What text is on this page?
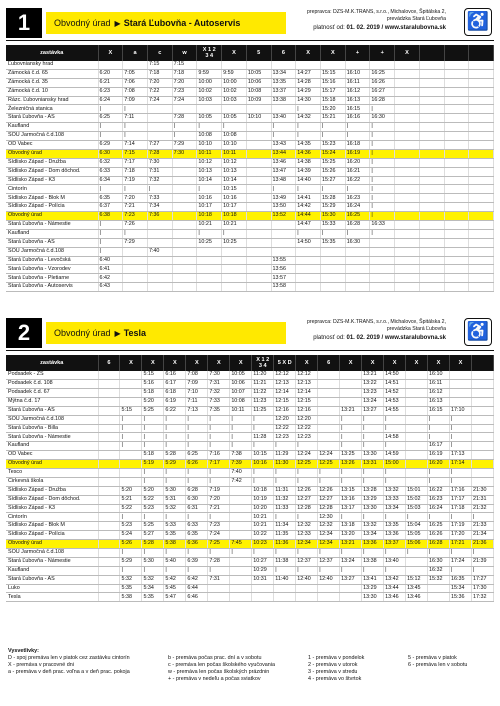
1	Obvodný úrad ▶ Stará Ľubovňa - Autoservis
prepravca: DZS-M.K.TRANS, s.r.o., Michalovce, Špitálska 2,
prevádzka Stará Ľubovňa
platnosť od: 01. 02. 2019 / www.staralubovna.sk ♿
zastávka	X	a	c	w	X 1 2
3 4	X	5	6	X	X	+	+	X			
Ľubovniansky hrad			7:15	7:15												
Zámocká č.d. 65	6:20	7:05	7:18	7:18	9:59	9:59	10:05	13:34	14:27	15:15	16:10	16:25				
Zámocká č.d. 35	6:21	7:06	7:20	7:20	10:00	10:00	10:06	13:35	14:28	15:16	16:11	16:26				
Zámocká č.d. 10	6:23	7:08	7:22	7:23	10:02	10:02	10:08	13:37	14:29	15:17	16:12	16:27				
Rázc. Ľubovniansky hrad	6:24	7:09	7:24	7:24	10:03	10:03	10:09	13:38	14:30	15:18	16:13	16:28				
Železničná stanica	|	|							|	15:20	16:15	|				
Stará Ľubovňa - AS	6:25	7:11		7:28	10:05	10:05	10:10	13:40	14:32	15:21	16:16	16:30				
Kaufland	|	|		|	|	|		|	|	|	|	|				
SOU Jarmočná č.d.108	|	|		|	10:08	10:08		|	|	|	|	|				
OD Vabec	6:29	7:14	7:27	7:29	10:10	10:10		13:43	14:35	15:23	16:18	|				
Obvodný úrad	6:30	7:15	7:28	7:30	10:11	10:11		13:44	14:36	15:24	16:19	|				
Sídlisko Západ - Družba	6:32	7:17	7:30		10:12	10:12		13:46	14:38	15:25	16:20	|				
Sídlisko Západ - Dom dôchod.	6:33	7:18	7:31		10:13	10:13		13:47	14:39	15:26	16:21	|				
Sídlisko Západ - K3	6:34	7:19	7:32		10:14	10:14		13:48	14:40	15:27	16:22	|				
Cintorín	|	|	|		|	10:15		|	|	|	|	|				
Sídlisko Západ - Blok M	6:35	7:20	7:33		10:16	10:16		13:49	14:41	15:28	16:23	|				
Sídlisko Západ - Polícia	6:37	7:21	7:34		10:17	10:17		13:50	14:42	15:29	16:24	|				
Obvodný úrad	6:38	7:23	7:36		10:18	10:18		13:52	14:44	15:30	16:25	|				
Stará Ľubovňa - Námestie	|	7:26			10:21	10:21			14:47	15:33	16:28	16:33				
Kaufland	|	|			|	|			|	|	|	|				
Stará Ľubovňa - AS	|	7:29			10:25	10:25			14:50	15:35	16:30					
SOU Jarmočná č.d.108	|		7:40													
Stará Ľubovňa - Levočská	6:40							13:55								
Stará Ľubovňa - Vzorodev	6:41							13:56								
Stará Ľubovňa - Pletiarne	6:42							13:57								
Stará Ľubovňa - Autoservis	6:43							13:58								
2	Obvodný úrad ▶ Tesla
prepravca: DZS-M.K.TRANS, s.r.o., Michalovce, Špitálska 2,
prevádzka Stará Ľubovňa
platnosť od: 01. 02. 2019 / www.staralubovna.sk ♿
zastávka	6	X	X	X	X	X	X	X 1 2
3 4	5 X D	X	6	X	X	X	X	X	X	
Podsadek - ZŠ			5:15	6:16	7:08	7:30	10:05	11:20	12:12	12:12			13:21	14:50		16:10		
Podsadek č.d. 108			5:16	6:17	7:09	7:31	10:06	11:21	12:13	12:13			13:22	14:51		16:11		
Podsadek č.d. 67			5:18	6:18	7:10	7:32	10:07	11:22	12:14	12:14			13:23	14:52		16:12		
Mýtna č.d. 17			5:20	6:19	7:11	7:33	10:08	11:23	12:15	12:15			13:24	14:53		16:13		
Stará Ľubovňa - AS		5:15	5:25	6:22	7:13	7:35	10:11	11:25	12:16	12:16		13:21	13:27	14:55		16:15	17:10	
SOU Jarmočná č.d.108		|	|	|	|	|	|	|	12:20	12:20		|	|	|		|	|	
Stará Ľubovňa - Billa		|	|	|	|	|	|	|	12:22	12:22		|	|	|		|	|	
Stará Ľubovňa - Námestie		|	|	|	|	|	|	11:28	12:23	12:23		|	|	14:58		|	|	
Kaufland		|	|	|	|	|	|	|	|	|		|	|	|		16:17	|	
OD Vabec			5:18	5:28	6:25	7:16	7:38	10:15	11:29	12:24	12:24	13:25	13:30	14:59		16:19	17:13	
Obvodný úrad			5:19	5:29	6:26	7:17	7:39	10:16	11:30	12:25	12:25	13:26	13:31	15:00		16:20	17:14	
Tesco			|	|	|	|	7:40	|	|	|	|	|	|	|		|	|	
Cirkevná škola			|	|	|	|	7:42	|	|	|	|	|	|	|		|	|	
Sídlisko Západ - Družba		5:20	5:20	5:30	6:28	7:19		10:18	11:31	12:26	12:26	13:15	13:28	13:32	15:01	16:22	17:16	21:30
Sídlisko Západ - Dom dôchod.		5:21	5:22	5:31	6:30	7:20		10:19	11:32	12:27	12:27	13:16	13:29	13:33	15:02	16:23	17:17	21:31
Sídlisko Západ - K3		5:22	5:23	5:32	6:31	7:21		10:20	11:33	12:28	12:28	13:17	13:30	13:34	15:03	16:24	17:18	21:32
Cintorín		|	|	|	|	|		10:21	|	|	12:30	|	|	|	|	|	|	|
Sídlisko Západ - Blok M		5:23	5:25	5:33	6:33	7:23		10:21	11:34	12:32	12:32	13:18	13:32	13:35	15:04	16:25	17:19	21:33
Sídlisko Západ - Polícia		5:24	5:27	5:35	6:35	7:24		10:22	11:35	12:33	12:34	13:20	13:34	13:36	15:05	16:26	17:20	21:34
Obvodný úrad		5:26	5:28	5:38	6:36	7:25	7:45	10:23	11:36	12:34	12:34	13:21	13:36	13:37	15:06	16:28	17:21	21:36
SOU Jarmočná č.d.108		|	|	|	|	|	|	|	|	|	|	|	|	|	|	|	|	|
Stará Ľubovňa - Námestie		5:29	5:30	5:40	6:39	7:28		10:27	11:38	12:37	12:37	13:24	13:38	13:40		16:30	17:24	21:39
Kaufland		|	|	|	|	|		10:29	|	|	|	|	|	|		16:32	|	|
Stará Ľubovňa - AS		5:32	5:32	5:42	6:42	7:31		10:31	11:40	12:40	12:40	13:27	13:41	13:42	15:12	15:32	16:35	17:27
Luko		5:35	5:34	5:45	6:44								13:29	13:44	13:45		15:34	17:30
Tesla		5:38	5:35	5:47	6:46								13:30	13:46	13:46		15:36	17:32
Vysvetlivky:
D - spoj premáva len v piatok cez zastávku cintorín
X - premáva v pracovné dni
a - premáva v deň prac. voľna a v deň prac. pokoja
b - premáva počas prac. dní a v sobotu
c - premáva len počas školského vyučovania
w - premáva len počas školských prázdnin
+ - premáva v nedeľu a počas sviatkov
1 - premáva v pondelok
2 - premáva v utorok
3 - premáva v stredu
4 - premáva vo štvrtok
5 - premáva v piatok
6 - premáva len v sobotu
